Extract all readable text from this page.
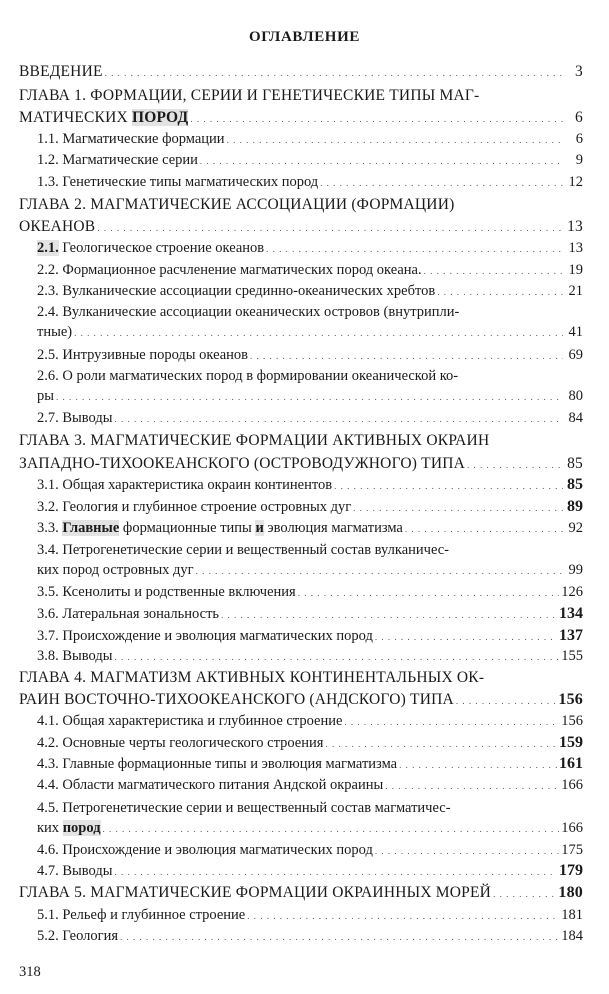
ОГЛАВЛЕНИЕ
ВВЕДЕНИЕ . . .	3
ГЛАВА 1. ФОРМАЦИИ, СЕРИИ И ГЕНЕТИЧЕСКИЕ ТИПЫ МАГ-
МАТИЧЕСКИХ ПОРОД . . .	6
1.1. Магматические формации . . .	6
1.2. Магматические серии . . .	9
1.3. Генетические типы магматических пород . . .	12
ГЛАВА 2. МАГМАТИЧЕСКИЕ АССОЦИАЦИИ (ФОРМАЦИИ)
ОКЕАНОВ . . .	13
2.1. Геологическое строение океанов . . .	13
2.2. Формационное расчленение магматических пород океана. . . .	19
2.3. Вулканические ассоциации срединно-океанических хребтов . . .	21
2.4. Вулканические ассоциации океанических островов (внутрипли-
тные) . . .	41
2.5. Интрузивные породы океанов . . .	69
2.6. О роли магматических пород в формировании океанической ко-
ры . . .	80
2.7. Выводы . . .	84
ГЛАВА 3. МАГМАТИЧЕСКИЕ ФОРМАЦИИ АКТИВНЫХ ОКРАИН
ЗАПАДНО-ТИХООКЕАНСКОГО (ОСТРОВОДУЖНОГО) ТИПА . . .	85
3.1. Общая характеристика окраин континентов . . .	85
3.2. Геология и глубинное строение островных дуг . . .	89
3.3. Главные формационные типы и эволюция магматизма . . .	92
3.4. Петрогенетические серии и вещественный состав вулканичес-
ких пород островных дуг . . .	99
3.5. Ксенолиты и родственные включения . . .	126
3.6. Латеральная зональность . . .	134
3.7. Происхождение и эволюция магматических пород . . .	137
3.8. Выводы . . .	155
ГЛАВА 4. МАГМАТИЗМ АКТИВНЫХ КОНТИНЕНТАЛЬНЫХ ОК-
РАИН ВОСТОЧНО-ТИХООКЕАНСКОГО (АНДСКОГО) ТИПА . . .	156
4.1. Общая характеристика и глубинное строение . . .	156
4.2. Основные черты геологического строения . . .	159
4.3. Главные формационные типы и эволюция магматизма . . .	161
4.4. Области магматического питания Андской окраины . . .	166
4.5. Петрогенетические серии и вещественный состав магматичес-
ких пород . . .	166
4.6. Происхождение и эволюция магматических пород . . .	175
4.7. Выводы . . .	179
ГЛАВА 5. МАГМАТИЧЕСКИЕ ФОРМАЦИИ ОКРАИННЫХ МОРЕЙ . . .	180
5.1. Рельеф и глубинное строение . . .	181
5.2. Геология . . .	184
318
